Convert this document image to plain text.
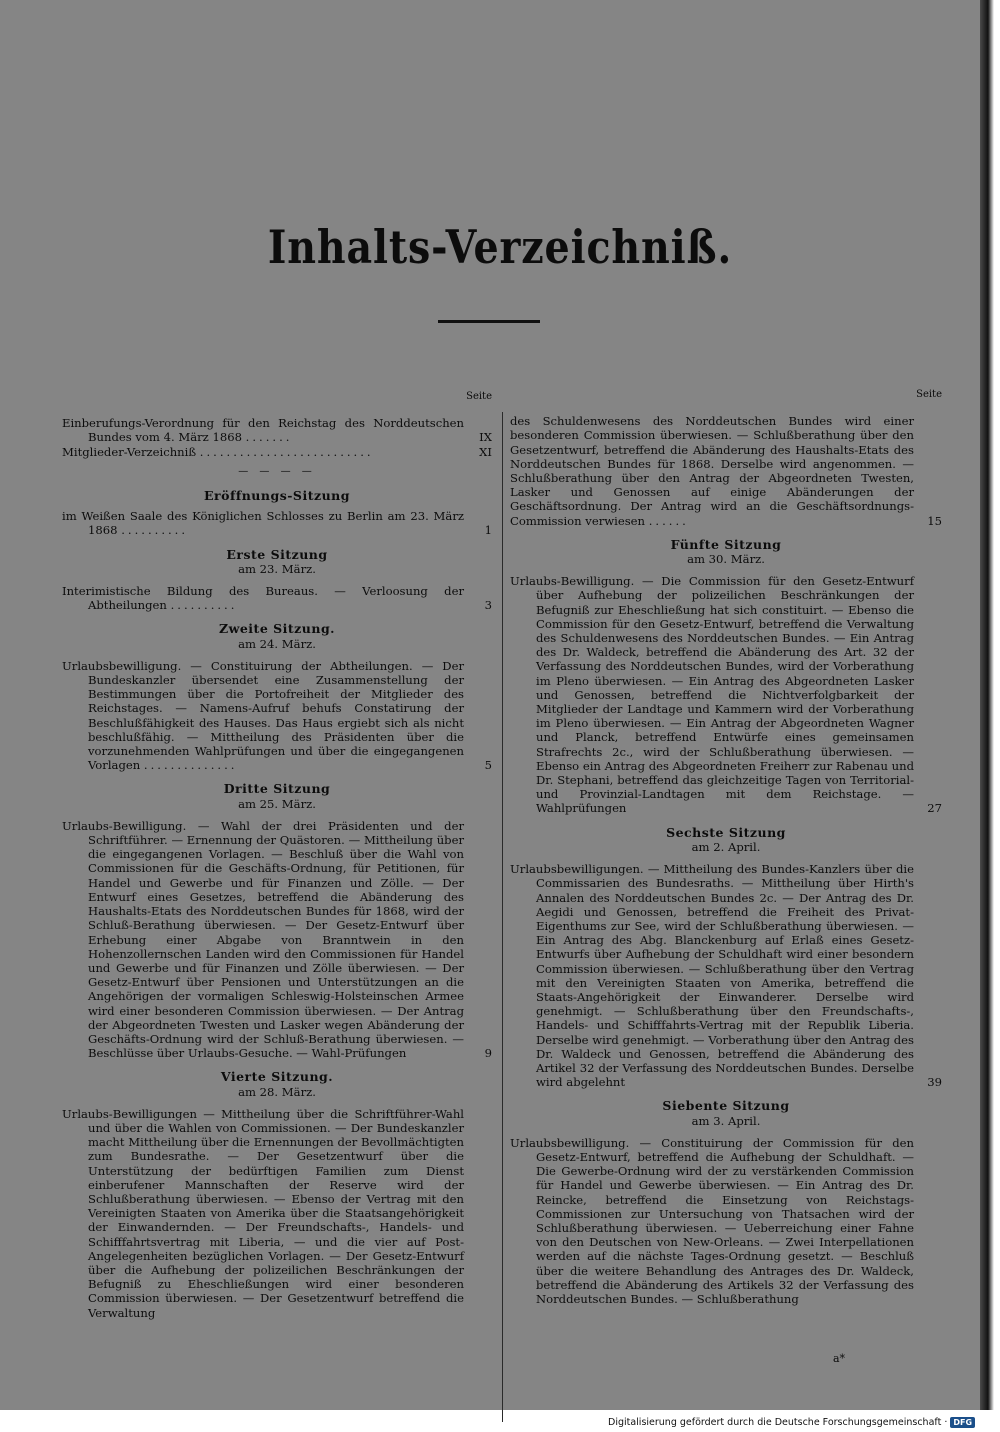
Inhalts-Verzeichniß.
Seite

Einberufungs-Verordnung für den Reichstag des Norddeutschen Bundes vom 4. März 1868 .......	IX

Mitglieder-Verzeichniß ..........................	XI

— — — —
Eröffnungs-Sitzung

im Weißen Saale des Königlichen Schlosses zu Berlin am 23. März 1868 ..........	1

Erste Sitzung
am 23. März.

Interimistische Bildung des Bureaus. — Verloosung der Abtheilungen ..........	3

Zweite Sitzung.
am 24. März.

Urlaubsbewilligung. — Constituirung der Abtheilungen. — Der Bundeskanzler übersendet eine Zusammenstellung der Bestimmungen über die Portofreiheit der Mitglieder des Reichstages. — Namens-Aufruf behufs Constatirung der Beschlußfähigkeit des Hauses. Das Haus ergiebt sich als nicht beschlußfähig. — Mittheilung des Präsidenten über die vorzunehmenden Wahlprüfungen und über die eingegangenen Vorlagen ..............	5

Dritte Sitzung
am 25. März.

Urlaubs-Bewilligung. — Wahl der drei Präsidenten und der Schriftführer. — Ernennung der Quästoren. — Mittheilung über die eingegangenen Vorlagen. — Beschluß über die Wahl von Commissionen für die Geschäfts-Ordnung, für Petitionen, für Handel und Gewerbe und für Finanzen und Zölle. — Der Entwurf eines Gesetzes, betreffend die Abänderung des Haushalts-Etats des Norddeutschen Bundes für 1868, wird der Schluß-Berathung überwiesen. — Der Gesetz-Entwurf über Erhebung einer Abgabe von Branntwein in den Hohenzollernschen Landen wird den Commissionen für Handel und Gewerbe und für Finanzen und Zölle überwiesen. — Der Gesetz-Entwurf über Pensionen und Unterstützungen an die Angehörigen der vormaligen Schleswig-Holsteinschen Armee wird einer besonderen Commission überwiesen. — Der Antrag der Abgeordneten Twesten und Lasker wegen Abänderung der Geschäfts-Ordnung wird der Schluß-Berathung überwiesen. — Beschlüsse über Urlaubs-Gesuche. — Wahl-Prüfungen	9

Vierte Sitzung.
am 28. März.

Urlaubs-Bewilligungen — Mittheilung über die Schriftführer-Wahl und über die Wahlen von Commissionen. — Der Bundeskanzler macht Mittheilung über die Ernennungen der Bevollmächtigten zum Bundesrathe. — Der Gesetzentwurf über die Unterstützung der bedürftigen Familien zum Dienst einberufener Mannschaften der Reserve wird der Schlußberathung überwiesen. — Ebenso der Vertrag mit den Vereinigten Staaten von Amerika über die Staatsangehörigkeit der Einwandernden. — Der Freundschafts-, Handels- und Schifffahrtsvertrag mit Liberia, — und die vier auf Post-Angelegenheiten bezüglichen Vorlagen. — Der Gesetz-Entwurf über die Aufhebung der polizeilichen Beschränkungen der Befugniß zu Eheschließungen wird einer besonderen Commission überwiesen. — Der Gesetzentwurf betreffend die Verwaltung

Seite

des Schuldenwesens des Norddeutschen Bundes wird einer besonderen Commission überwiesen. — Schlußberathung über den Gesetzentwurf, betreffend die Abänderung des Haushalts-Etats des Norddeutschen Bundes für 1868. Derselbe wird angenommen. — Schlußberathung über den Antrag der Abgeordneten Twesten, Lasker und Genossen auf einige Abänderungen der Geschäftsordnung. Der Antrag wird an die Geschäftsordnungs-Commission verwiesen ......	15

Fünfte Sitzung
am 30. März.

Urlaubs-Bewilligung. — Die Commission für den Gesetz-Entwurf über Aufhebung der polizeilichen Beschränkungen der Befugniß zur Eheschließung hat sich constituirt. — Ebenso die Commission für den Gesetz-Entwurf, betreffend die Verwaltung des Schuldenwesens des Norddeutschen Bundes. — Ein Antrag des Dr. Waldeck, betreffend die Abänderung des Art. 32 der Verfassung des Norddeutschen Bundes, wird der Vorberathung im Pleno überwiesen. — Ein Antrag des Abgeordneten Lasker und Genossen, betreffend die Nichtverfolgbarkeit der Mitglieder der Landtage und Kammern wird der Vorberathung im Pleno überwiesen. — Ein Antrag der Abgeordneten Wagner und Planck, betreffend Entwürfe eines gemeinsamen Strafrechts 2c., wird der Schlußberathung überwiesen. — Ebenso ein Antrag des Abgeordneten Freiherr zur Rabenau und Dr. Stephani, betreffend das gleichzeitige Tagen von Territorial- und Provinzial-Landtagen mit dem Reichstage. — Wahlprüfungen	27

Sechste Sitzung
am 2. April.

Urlaubsbewilligungen. — Mittheilung des Bundes-Kanzlers über die Commissarien des Bundesraths. — Mittheilung über Hirth's Annalen des Norddeutschen Bundes 2c. — Der Antrag des Dr. Aegidi und Genossen, betreffend die Freiheit des Privat-Eigenthums zur See, wird der Schlußberathung überwiesen. — Ein Antrag des Abg. Blanckenburg auf Erlaß eines Gesetz-Entwurfs über Aufhebung der Schuldhaft wird einer besondern Commission überwiesen. — Schlußberathung über den Vertrag mit den Vereinigten Staaten von Amerika, betreffend die Staats-Angehörigkeit der Einwanderer. Derselbe wird genehmigt. — Schlußberathung über den Freundschafts-, Handels- und Schifffahrts-Vertrag mit der Republik Liberia. Derselbe wird genehmigt. — Vorberathung über den Antrag des Dr. Waldeck und Genossen, betreffend die Abänderung des Artikel 32 der Verfassung des Norddeutschen Bundes. Derselbe wird abgelehnt	39

Siebente Sitzung
am 3. April.

Urlaubsbewilligung. — Constituirung der Commission für den Gesetz-Entwurf, betreffend die Aufhebung der Schuldhaft. — Die Gewerbe-Ordnung wird der zu verstärkenden Commission für Handel und Gewerbe überwiesen. — Ein Antrag des Dr. Reincke, betreffend die Einsetzung von Reichstags-Commissionen zur Untersuchung von Thatsachen wird der Schlußberathung überwiesen. — Ueberreichung einer Fahne von den Deutschen von New-Orleans. — Zwei Interpellationen werden auf die nächste Tages-Ordnung gesetzt. — Beschluß über die weitere Behandlung des Antrages des Dr. Waldeck, betreffend die Abänderung des Artikels 32 der Verfassung des Norddeutschen Bundes. — Schlußberathung

a*
Digitalisierung gefördert durch die Deutsche Forschungsgemeinschaft · DFG
